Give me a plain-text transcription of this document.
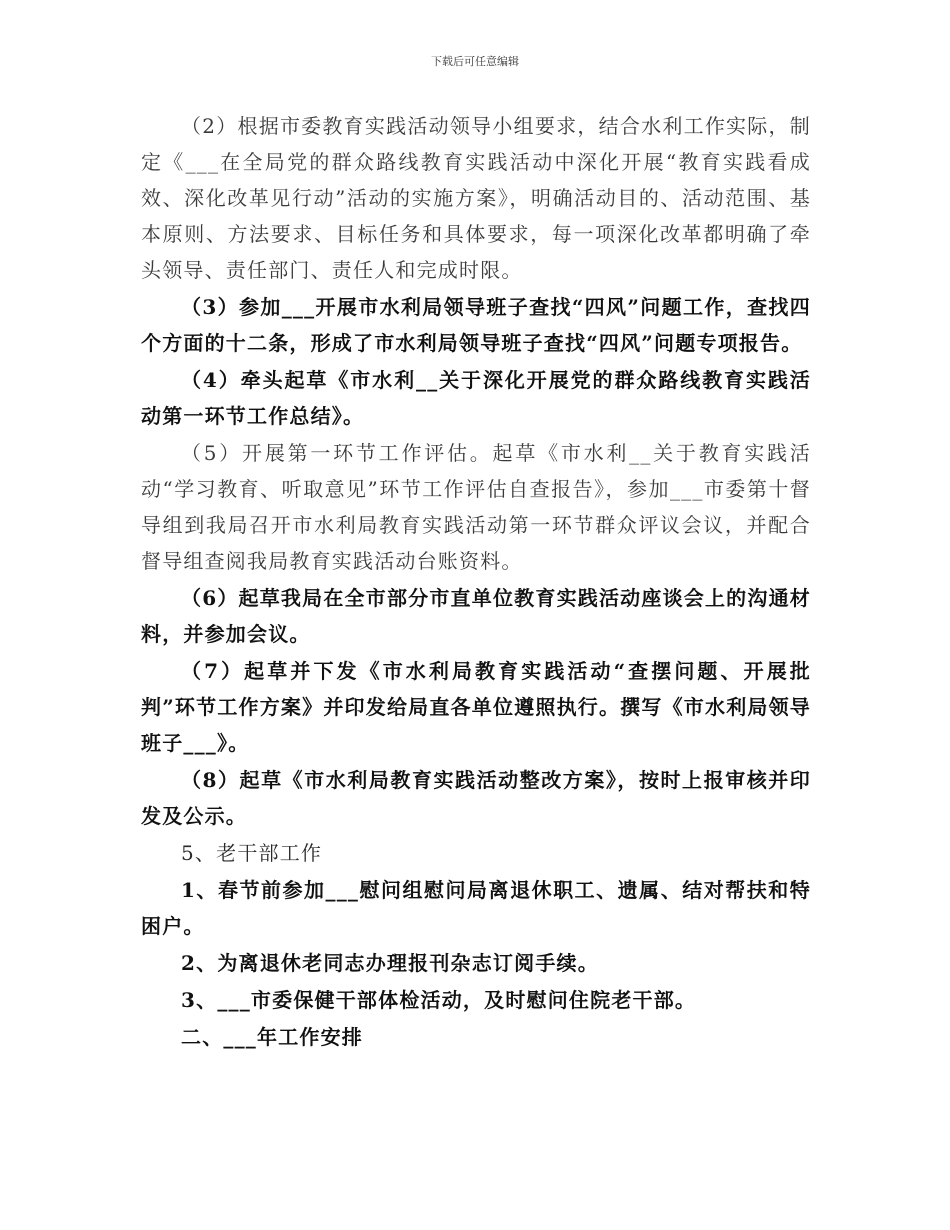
下载后可任意编辑

（2）根据市委教育实践活动领导小组要求，结合水利工作实际，制定《___在全局党的群众路线教育实践活动中深化开展“教育实践看成效、深化改革见行动”活动的实施方案》，明确活动目的、活动范围、基本原则、方法要求、目标任务和具体要求，每一项深化改革都明确了牵头领导、责任部门、责任人和完成时限。

（3）参加___开展市水利局领导班子查找“四风”问题工作，查找四个方面的十二条，形成了市水利局领导班子查找“四风”问题专项报告。

（4）牵头起草《市水利__关于深化开展党的群众路线教育实践活动第一环节工作总结》。

（5）开展第一环节工作评估。起草《市水利__关于教育实践活动“学习教育、听取意见”环节工作评估自查报告》，参加___市委第十督导组到我局召开市水利局教育实践活动第一环节群众评议会议，并配合督导组查阅我局教育实践活动台账资料。

（6）起草我局在全市部分市直单位教育实践活动座谈会上的沟通材料，并参加会议。

（7）起草并下发《市水利局教育实践活动“查摆问题、开展批判”环节工作方案》并印发给局直各单位遵照执行。撰写《市水利局领导班子___》。

（8）起草《市水利局教育实践活动整改方案》，按时上报审核并印发及公示。

5、老干部工作

1、春节前参加___慰问组慰问局离退休职工、遗属、结对帮扶和特困户。

2、为离退休老同志办理报刊杂志订阅手续。

3、___市委保健干部体检活动，及时慰问住院老干部。

二、___年工作安排
